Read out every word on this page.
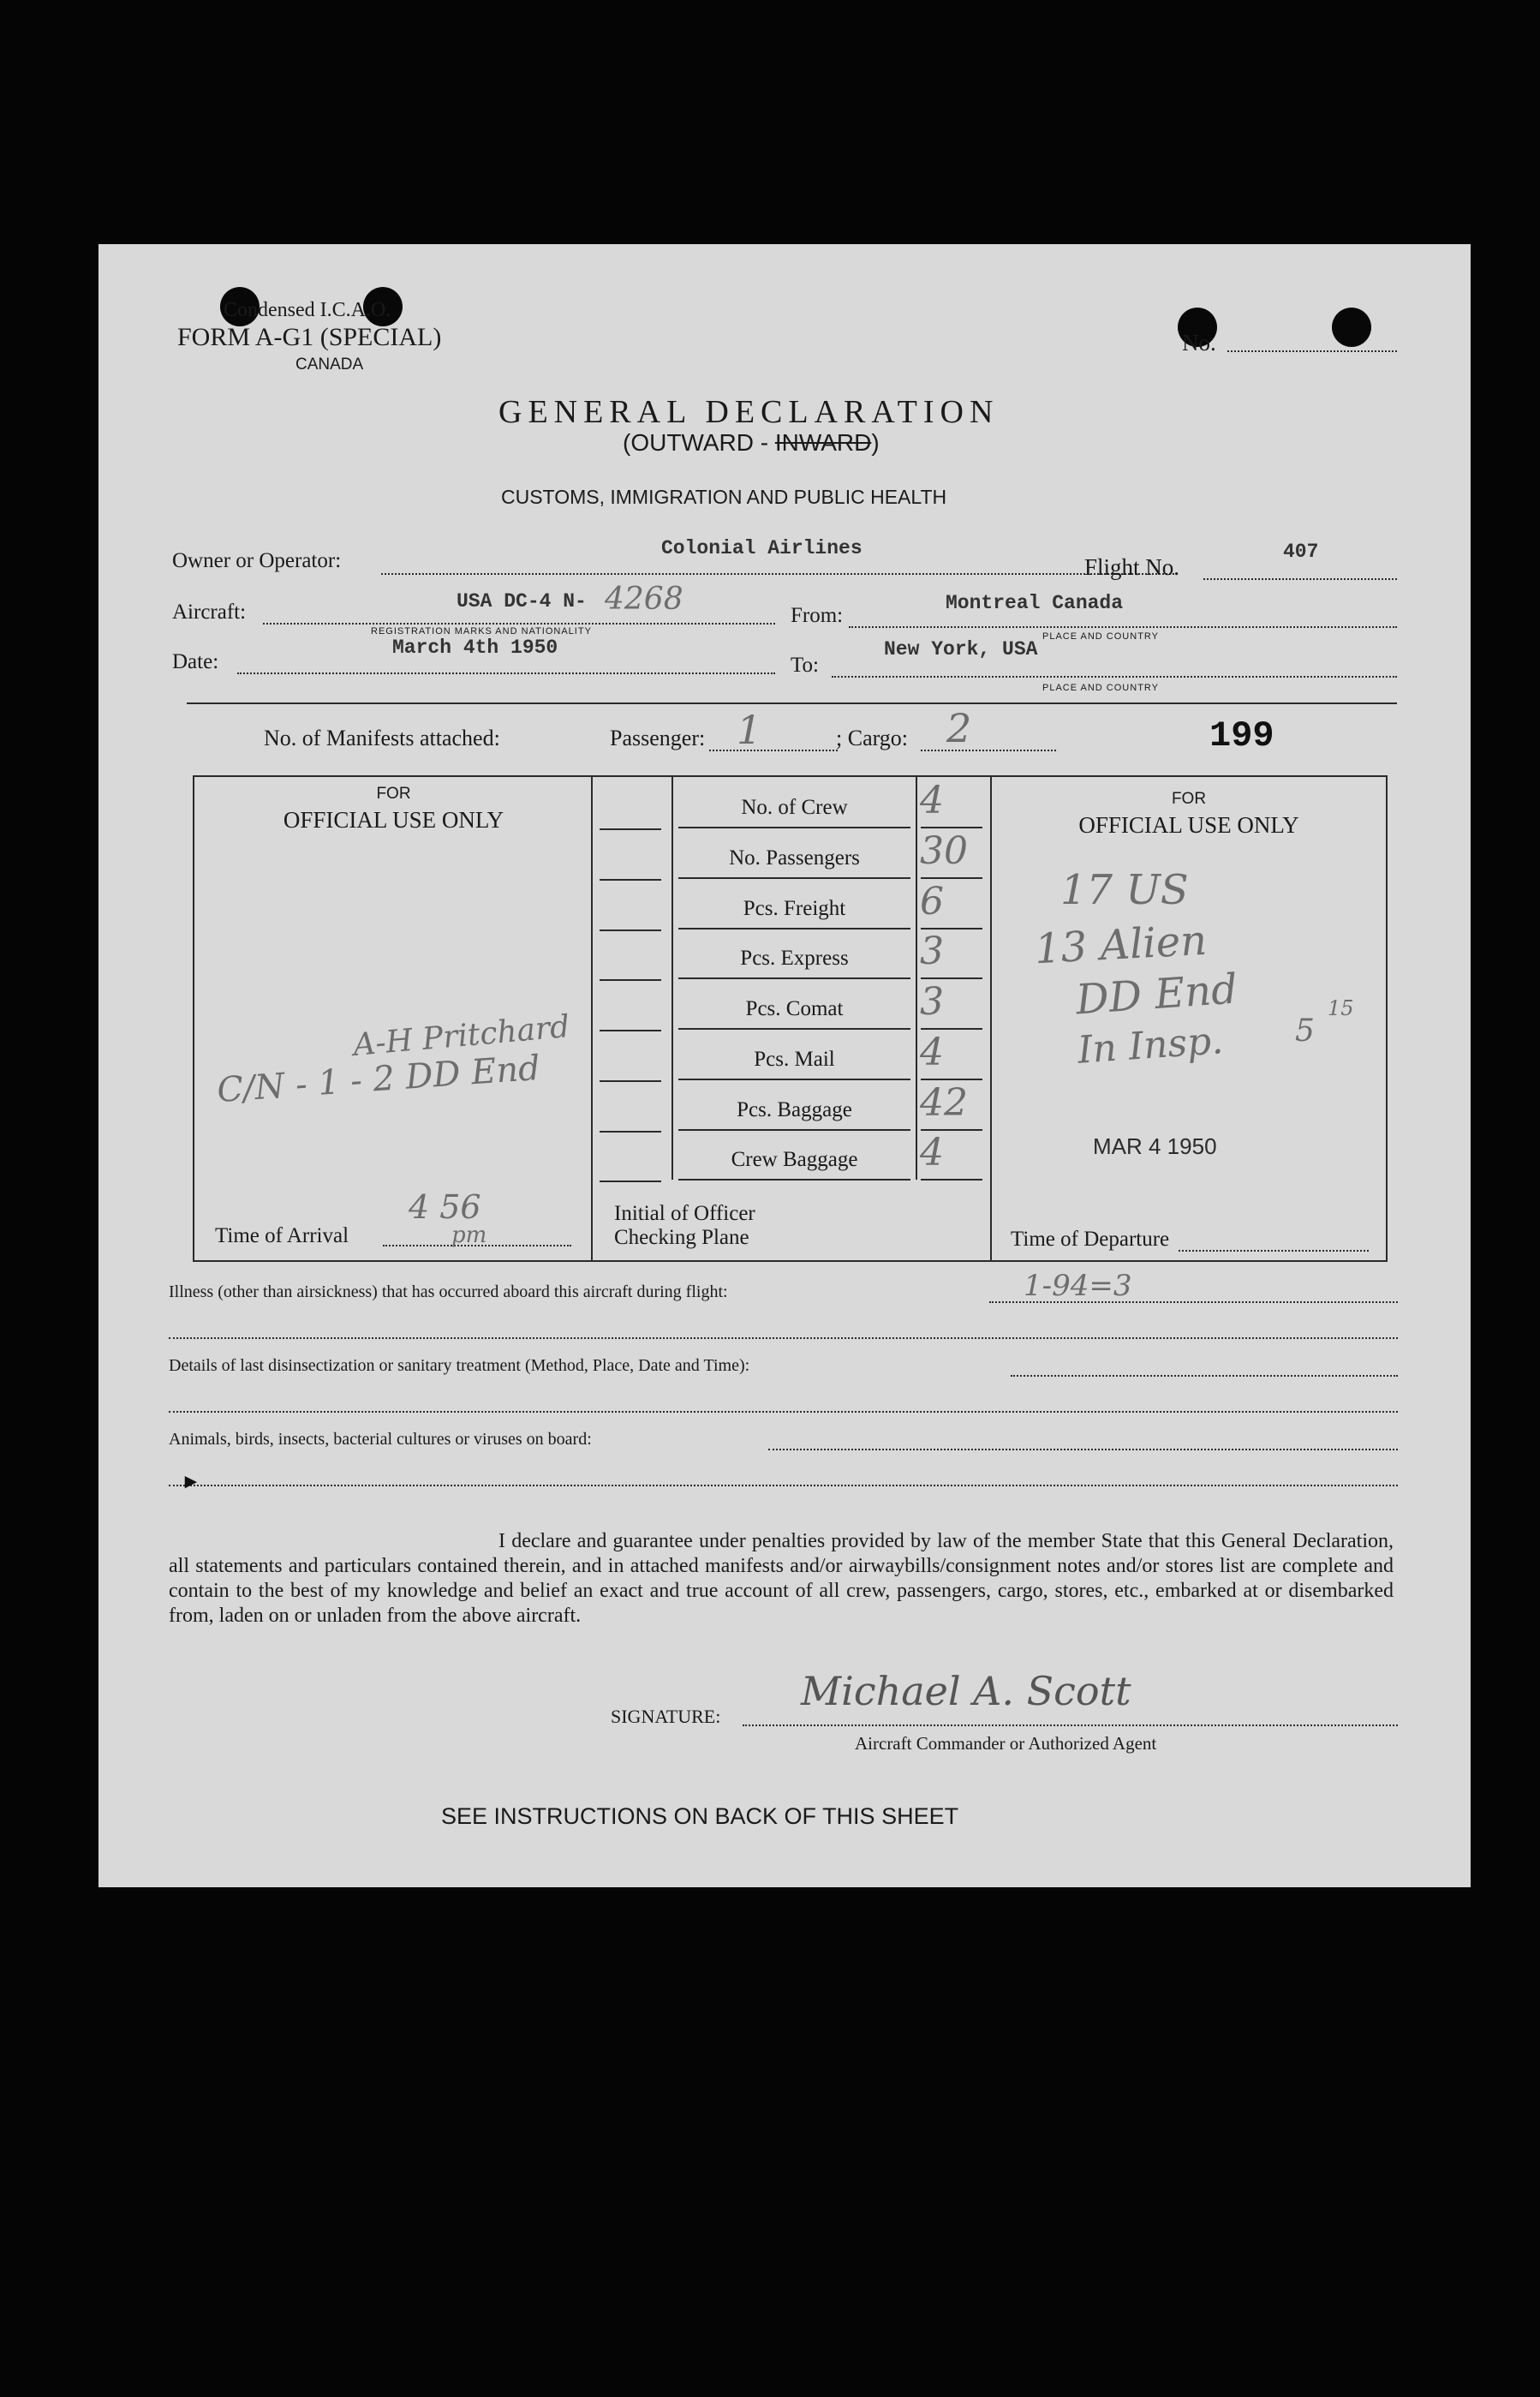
Condensed I.C.A.O.
FORM A-G1 (SPECIAL)
CANADA
No.
GENERAL DECLARATION
(OUTWARD - INWARD)
CUSTOMS, IMMIGRATION AND PUBLIC HEALTH
Owner or Operator:
Colonial Airlines
Flight No.
407
Aircraft:	USA DC-4 N- 4268
REGISTRATION MARKS AND NATIONALITY
From:
Montreal Canada
PLACE AND COUNTRY
Date:
March 4th 1950
To:
New York, USA
PLACE AND COUNTRY
No. of Manifests attached:	Passenger: 1	; Cargo: 2	199
FOR
OFFICIAL USE ONLY
A-H Pritchard
C/N - 1 - 2 DD End
Time of Arrival
4 56
pm
No. of Crew	4
No. Passengers	30
Pcs. Freight	6
Pcs. Express	3
Pcs. Comat	3
Pcs. Mail	4
Pcs. Baggage	42
Crew Baggage	4
Initial of Officer
Checking Plane
FOR
OFFICIAL USE ONLY
17 US
13 Alien
DD End
In Insp. 5
15
MAR 4 1950
Time of Departure
Illness (other than airsickness) that has occurred aboard this aircraft during flight:	1-94=3
Details of last disinsectization or sanitary treatment (Method, Place, Date and Time):
Animals, birds, insects, bacterial cultures or viruses on board:
►

I declare and guarantee under penalties provided by law of the member State that this General Declaration, all statements and particulars contained therein, and in attached manifests and/or airwaybills/consignment notes and/or stores list are complete and contain to the best of my knowledge and belief an exact and true account of all crew, passengers, cargo, stores, etc., embarked at or disembarked from, laden on or unladen from the above aircraft.

SIGNATURE:
Michael A. Scott
Aircraft Commander or Authorized Agent
SEE INSTRUCTIONS ON BACK OF THIS SHEET
